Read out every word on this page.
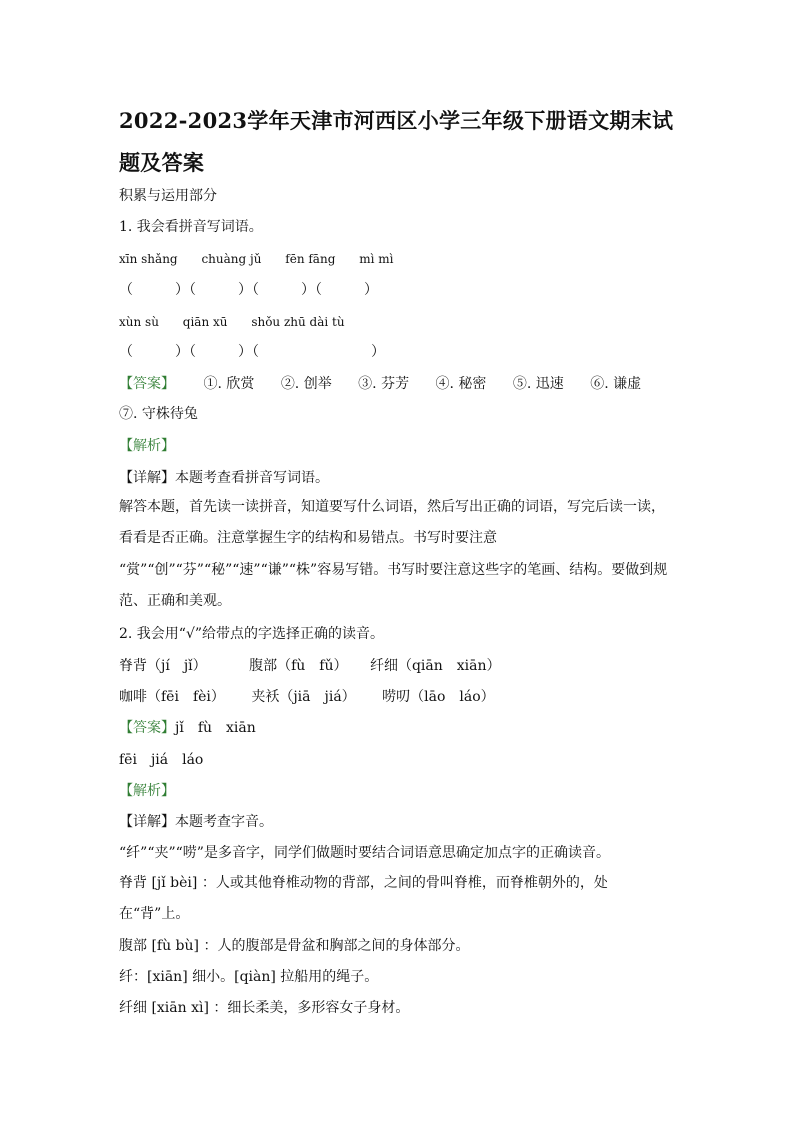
2022-2023学年天津市河西区小学三年级下册语文期末试题及答案
积累与运用部分
1. 我会看拼音写词语。
xīn shǎng chuàng jǔ fēn fāng mì mì
（　　　）（　　　）（　　　）（　　　）
xùn sù qiān xū shǒu zhū dài tù
（　　　）（　　　）（　　　　　　　　）
【答案】 ①. 欣赏 ②. 创举 ③. 芬芳 ④. 秘密 ⑤. 迅速 ⑥. 谦虚
⑦. 守株待兔
【解析】
【详解】本题考查看拼音写词语。
解答本题，首先读一读拼音，知道要写什么词语，然后写出正确的词语，写完后读一读，看看是否正确。注意掌握生字的结构和易错点。书写时要注意
“赏”“创”“芬”“秘”“速”“谦”“株”容易写错。书写时要注意这些字的笔画、结构。要做到规范、正确和美观。
2. 我会用“√”给带点的字选择正确的读音。
脊背（jí　jǐ）	腹部（fù　fǔ） 纤细（qiān　xiān）
咖啡（fēi　fèi） 夹袄（jiā　jiá） 唠叨（lāo　láo）
【答案】jǐ　fù　xiān
fēi　jiá　láo
【解析】
【详解】本题考查字音。
“纤”“夹”“唠”是多音字，同学们做题时要结合词语意思确定加点字的正确读音。
脊背 [jǐ bèi] ：人或其他脊椎动物的背部，之间的骨叫脊椎，而脊椎朝外的，处在“背”上。
腹部 [fù bù] ：人的腹部是骨盆和胸部之间的身体部分。
纤：[xiān] 细小。[qiàn] 拉船用的绳子。
纤细 [xiān xì] ：细长柔美，多形容女子身材。
